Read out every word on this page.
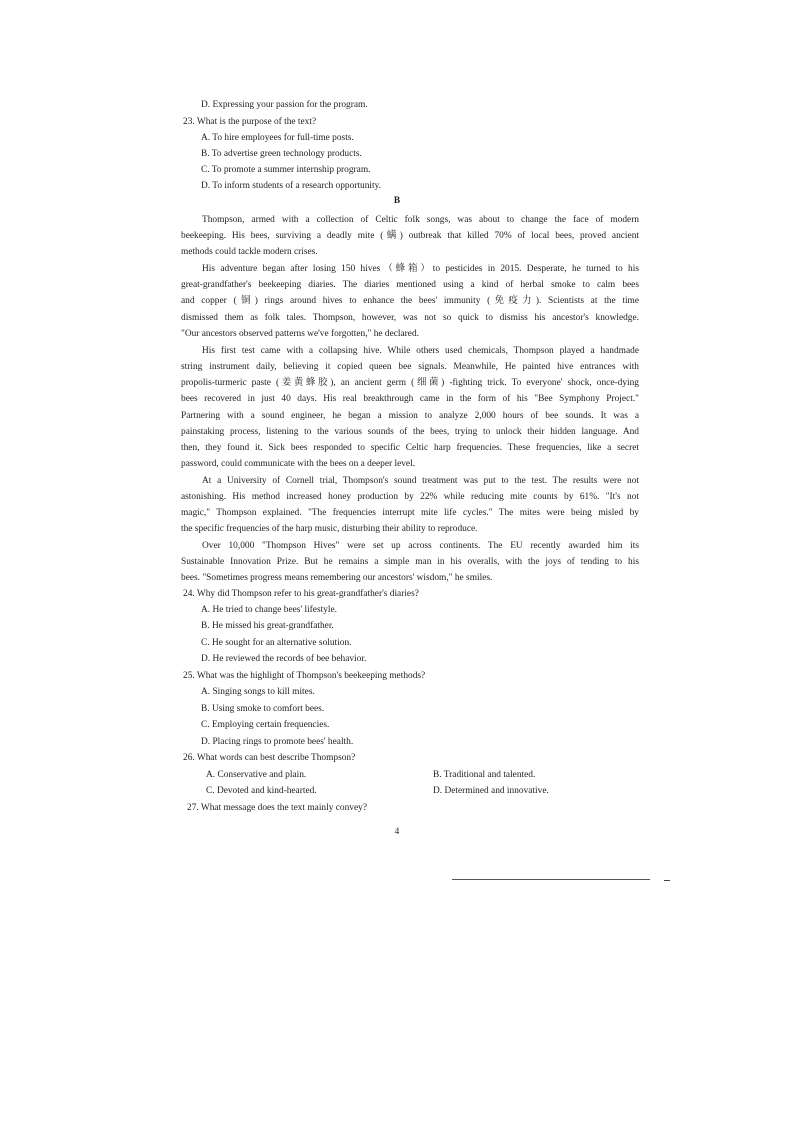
D. Expressing your passion for the program.
23. What is the purpose of the text?
A. To hire employees for full-time posts.
B. To advertise green technology products.
C. To promote a summer internship program.
D. To inform students of a research opportunity.
B
Thompson, armed with a collection of Celtic folk songs, was about to change the face of modern
beekeeping. His bees, surviving a deadly mite (螨) outbreak that killed 70% of local bees, proved ancient
methods could tackle modern crises.
His adventure began after losing 150 hives（蜂箱）to pesticides in 2015. Desperate, he turned to his
great-grandfather's beekeeping diaries. The diaries mentioned using a kind of herbal smoke to calm bees
and copper (铜) rings around hives to enhance the bees' immunity (免疫力). Scientists at the time
dismissed them as folk tales. Thompson, however, was not so quick to dismiss his ancestor's knowledge.
"Our ancestors observed patterns we've forgotten," he declared.
His first test came with a collapsing hive. While others used chemicals, Thompson played a handmade
string instrument daily, believing it copied queen bee signals. Meanwhile, He painted hive entrances with
propolis-turmeric paste (姜黄蜂胶), an ancient germ (细菌) -fighting trick. To everyone' shock, once-dying
bees recovered in just 40 days. His real breakthrough came in the form of his "Bee Symphony Project."
Partnering with a sound engineer, he began a mission to analyze 2,000 hours of bee sounds. It was a
painstaking process, listening to the various sounds of the bees, trying to unlock their hidden language. And
then, they found it. Sick bees responded to specific Celtic harp frequencies. These frequencies, like a secret
password, could communicate with the bees on a deeper level.
At a University of Cornell trial, Thompson's sound treatment was put to the test. The results were not
astonishing. His method increased honey production by 22% while reducing mite counts by 61%. "It's not
magic," Thompson explained. "The frequencies interrupt mite life cycles." The mites were being misled by
the specific frequencies of the harp music, disturbing their ability to reproduce.
Over 10,000 "Thompson Hives" were set up across continents. The EU recently awarded him its
Sustainable Innovation Prize. But he remains a simple man in his overalls, with the joys of tending to his
bees. "Sometimes progress means remembering our ancestors' wisdom," he smiles.
24. Why did Thompson refer to his great-grandfather's diaries?
A. He tried to change bees' lifestyle.
B. He missed his great-grandfather.
C. He sought for an alternative solution.
D. He reviewed the records of bee behavior.
25. What was the highlight of Thompson's beekeeping methods?
A. Singing songs to kill mites.
B. Using smoke to comfort bees.
C. Employing certain frequencies.
D. Placing rings to promote bees' health.
26. What words can best describe Thompson?
A. Conservative and plain.	B. Traditional and talented.
C. Devoted and kind-hearted.	D. Determined and innovative.
27. What message does the text mainly convey?
4
